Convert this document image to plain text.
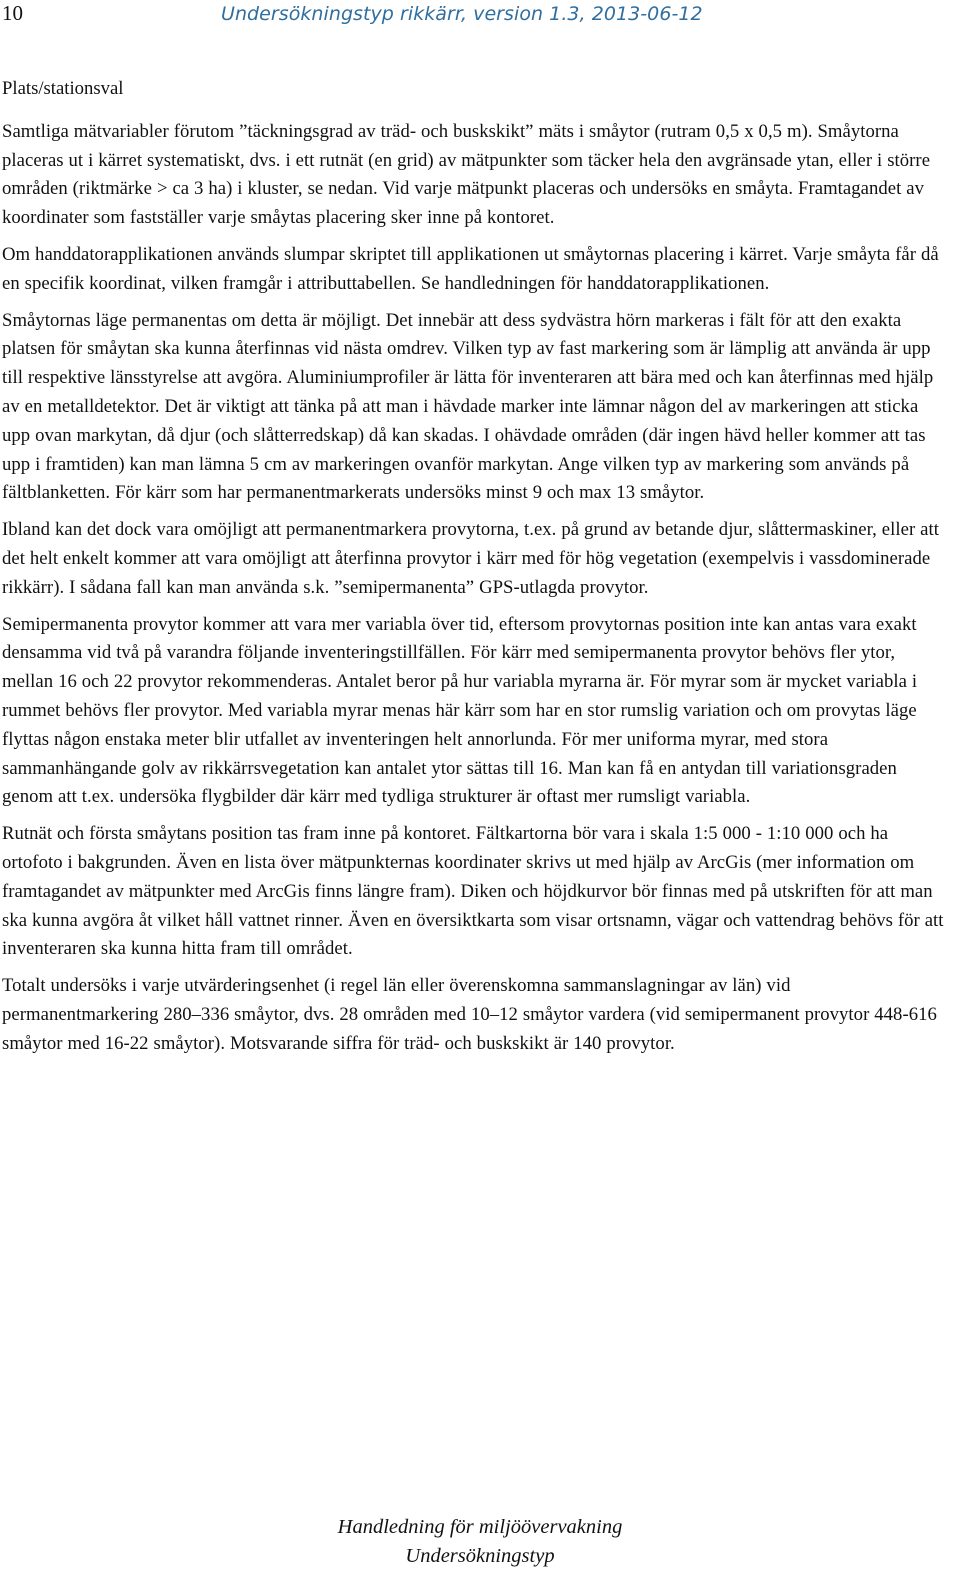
10	Undersökningstyp rikkärr, version 1.3, 2013-06-12
Plats/stationsval

Samtliga mätvariabler förutom ”täckningsgrad av träd- och buskskikt” mäts i småytor (rutram 0,5 x 0,5 m). Småytorna placeras ut i kärret systematiskt, dvs. i ett rutnät (en grid) av mätpunkter som täcker hela den avgränsade ytan, eller i större områden (riktmärke > ca 3 ha) i kluster, se nedan. Vid varje mätpunkt placeras och undersöks en småyta. Framtagandet av koordinater som fastställer varje småytas placering sker inne på kontoret.

Om handdatorapplikationen används slumpar skriptet till applikationen ut småytornas placering i kärret. Varje småyta får då en specifik koordinat, vilken framgår i attributtabellen. Se handledningen för handdatorapplikationen.

Småytornas läge permanentas om detta är möjligt. Det innebär att dess sydvästra hörn markeras i fält för att den exakta platsen för småytan ska kunna återfinnas vid nästa omdrev. Vilken typ av fast markering som är lämplig att använda är upp till respektive länsstyrelse att avgöra. Aluminiumprofiler är lätta för inventeraren att bära med och kan återfinnas med hjälp av en metalldetektor. Det är viktigt att tänka på att man i hävdade marker inte lämnar någon del av markeringen att sticka upp ovan markytan, då djur (och slåtterredskap) då kan skadas. I ohävdade områden (där ingen hävd heller kommer att tas upp i framtiden) kan man lämna 5 cm av markeringen ovanför markytan. Ange vilken typ av markering som används på fältblanketten. För kärr som har permanentmarkerats undersöks minst 9 och max 13 småytor.

Ibland kan det dock vara omöjligt att permanentmarkera provytorna, t.ex. på grund av betande djur, slåttermaskiner, eller att det helt enkelt kommer att vara omöjligt att återfinna provytor i kärr med för hög vegetation (exempelvis i vassdominerade rikkärr). I sådana fall kan man använda s.k. ”semipermanenta” GPS-utlagda provytor.

Semipermanenta provytor kommer att vara mer variabla över tid, eftersom provytornas position inte kan antas vara exakt densamma vid två på varandra följande inventeringstillfällen. För kärr med semipermanenta provytor behövs fler ytor, mellan 16 och 22 provytor rekommenderas. Antalet beror på hur variabla myrarna är. För myrar som är mycket variabla i rummet behövs fler provytor. Med variabla myrar menas här kärr som har en stor rumslig variation och om provytas läge flyttas någon enstaka meter blir utfallet av inventeringen helt annorlunda. För mer uniforma myrar, med stora sammanhängande golv av rikkärrsvegetation kan antalet ytor sättas till 16. Man kan få en antydan till variationsgraden genom att t.ex. undersöka flygbilder där kärr med tydliga strukturer är oftast mer rumsligt variabla.

Rutnät och första småytans position tas fram inne på kontoret. Fältkartorna bör vara i skala 1:5 000 - 1:10 000 och ha ortofoto i bakgrunden. Även en lista över mätpunkternas koordinater skrivs ut med hjälp av ArcGis (mer information om framtagandet av mätpunkter med ArcGis finns längre fram). Diken och höjdkurvor bör finnas med på utskriften för att man ska kunna avgöra åt vilket håll vattnet rinner. Även en översiktkarta som visar ortsnamn, vägar och vattendrag behövs för att inventeraren ska kunna hitta fram till området.

Totalt undersöks i varje utvärderingsenhet (i regel län eller överenskomna sammanslagningar av län) vid permanentmarkering 280–336 småytor, dvs. 28 områden med 10–12 småytor vardera (vid semipermanent provytor 448-616 småytor med 16-22 småytor). Motsvarande siffra för träd- och buskskikt är 140 provytor.

Handledning för miljöövervakning
Undersökningstyp
